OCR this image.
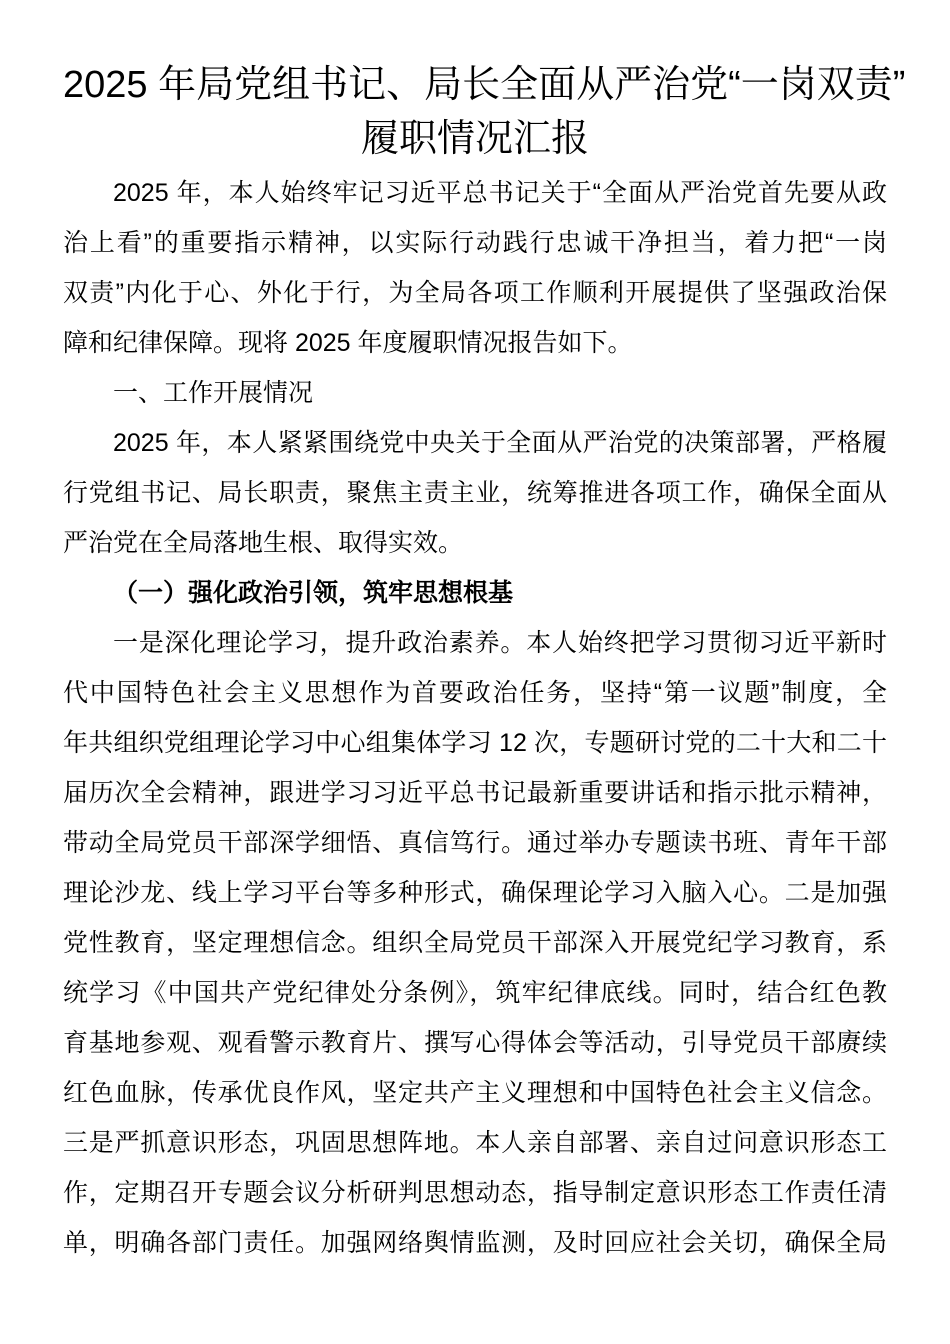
2025 年局党组书记、局长全面从严治党“一岗双责”
履职情况汇报
2025 年，本人始终牢记习近平总书记关于“全面从严治党首先要从政
治上看”的重要指示精神，以实际行动践行忠诚干净担当，着力把“一岗
双责”内化于心、外化于行，为全局各项工作顺利开展提供了坚强政治保
障和纪律保障。现将 2025 年度履职情况报告如下。
一、工作开展情况
2025 年，本人紧紧围绕党中央关于全面从严治党的决策部署，严格履
行党组书记、局长职责，聚焦主责主业，统筹推进各项工作，确保全面从
严治党在全局落地生根、取得实效。
（一）强化政治引领，筑牢思想根基
一是深化理论学习，提升政治素养。本人始终把学习贯彻习近平新时
代中国特色社会主义思想作为首要政治任务，坚持“第一议题”制度，全
年共组织党组理论学习中心组集体学习 12 次，专题研讨党的二十大和二十
届历次全会精神，跟进学习习近平总书记最新重要讲话和指示批示精神，
带动全局党员干部深学细悟、真信笃行。通过举办专题读书班、青年干部
理论沙龙、线上学习平台等多种形式，确保理论学习入脑入心。二是加强
党性教育，坚定理想信念。组织全局党员干部深入开展党纪学习教育，系
统学习《中国共产党纪律处分条例》，筑牢纪律底线。同时，结合红色教
育基地参观、观看警示教育片、撰写心得体会等活动，引导党员干部赓续
红色血脉，传承优良作风，坚定共产主义理想和中国特色社会主义信念。
三是严抓意识形态，巩固思想阵地。本人亲自部署、亲自过问意识形态工
作，定期召开专题会议分析研判思想动态，指导制定意识形态工作责任清
单，明确各部门责任。加强网络舆情监测，及时回应社会关切，确保全局
